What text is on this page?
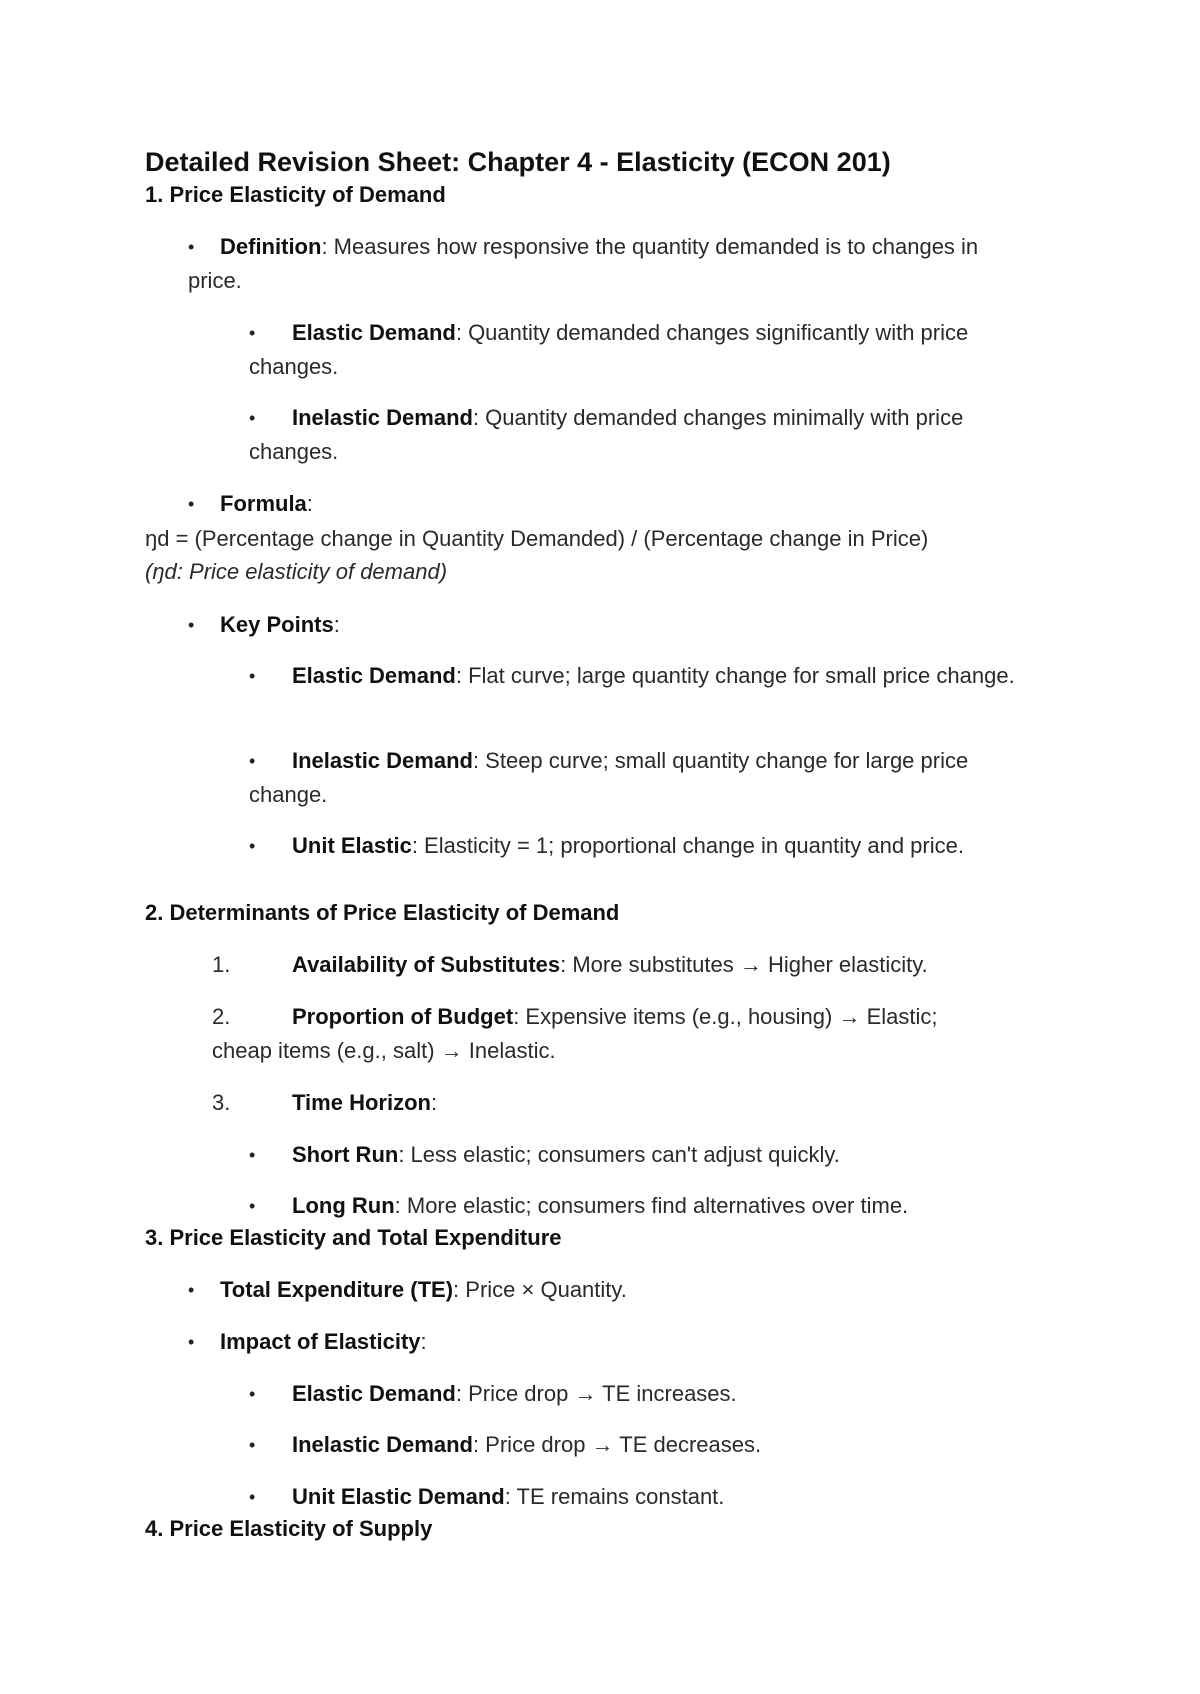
Detailed Revision Sheet: Chapter 4 - Elasticity (ECON 201)
1. Price Elasticity of Demand
•	Definition: Measures how responsive the quantity demanded is to changes in price.
•	Elastic Demand: Quantity demanded changes significantly with price changes.
•	Inelastic Demand: Quantity demanded changes minimally with price changes.
• Formula:
ŋd = (Percentage change in Quantity Demanded) / (Percentage change in Price)
(ŋd: Price elasticity of demand)
• Key Points:
•	Elastic Demand: Flat curve; large quantity change for small price change.
•	Inelastic Demand: Steep curve; small quantity change for large price change.
•	Unit Elastic: Elasticity = 1; proportional change in quantity and price.
2. Determinants of Price Elasticity of Demand
1.	Availability of Substitutes: More substitutes → Higher elasticity.
2.	Proportion of Budget: Expensive items (e.g., housing) → Elastic;
cheap items (e.g., salt) → Inelastic.
3.	Time Horizon:
• Short Run: Less elastic; consumers can't adjust quickly.
• Long Run: More elastic; consumers find alternatives over time.
3. Price Elasticity and Total Expenditure
• Total Expenditure (TE): Price × Quantity.
• Impact of Elasticity:
• Elastic Demand: Price drop → TE increases.
• Inelastic Demand: Price drop → TE decreases.
• Unit Elastic Demand: TE remains constant.
4. Price Elasticity of Supply
